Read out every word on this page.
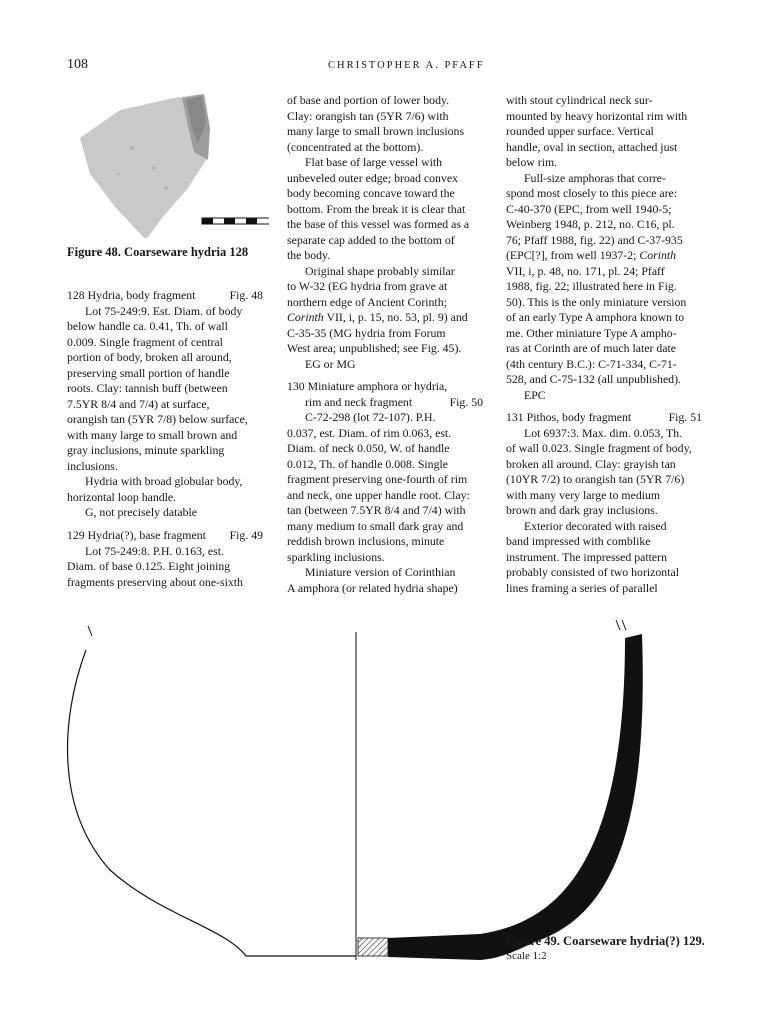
108	CHRISTOPHER A. PFAFF
Figure 48. Coarseware hydria 128
128 Hydria, body fragment	Fig. 48
Lot 75-249:9. Est. Diam. of body
below handle ca. 0.41, Th. of wall
0.009. Single fragment of central
portion of body, broken all around,
preserving small portion of handle
roots. Clay: tannish buff (between
7.5YR 8/4 and 7/4) at surface,
orangish tan (5YR 7/8) below surface,
with many large to small brown and
gray inclusions, minute sparkling
inclusions.
Hydria with broad globular body,
horizontal loop handle.
G, not precisely datable
129 Hydria(?), base fragment Fig. 49
Lot 75-249:8. P.H. 0.163, est.
Diam. of base 0.125. Eight joining
fragments preserving about one-sixth
of base and portion of lower body.
Clay: orangish tan (5YR 7/6) with
many large to small brown inclusions
(concentrated at the bottom).
Flat base of large vessel with
unbeveled outer edge; broad convex
body becoming concave toward the
bottom. From the break it is clear that
the base of this vessel was formed as a
separate cap added to the bottom of
the body.
Original shape probably similar
to W-32 (EG hydria from grave at
northern edge of Ancient Corinth;
Corinth VII, i, p. 15, no. 53, pl. 9) and
C-35-35 (MG hydria from Forum
West area; unpublished; see Fig. 45).
EG or MG
130 Miniature amphora or hydria,
rim and neck fragment	Fig. 50
C-72-298 (lot 72-107). P.H.
0.037, est. Diam. of rim 0.063, est.
Diam. of neck 0.050, W. of handle
0.012, Th. of handle 0.008. Single
fragment preserving one-fourth of rim
and neck, one upper handle root. Clay:
tan (between 7.5YR 8/4 and 7/4) with
many medium to small dark gray and
reddish brown inclusions, minute
sparkling inclusions.
Miniature version of Corinthian
A amphora (or related hydria shape)
with stout cylindrical neck sur-
mounted by heavy horizontal rim with
rounded upper surface. Vertical
handle, oval in section, attached just
below rim.
Full-size amphoras that corre-
spond most closely to this piece are:
C-40-370 (EPC, from well 1940-5;
Weinberg 1948, p. 212, no. C16, pl.
76; Pfaff 1988, fig. 22) and C-37-935
(EPC[?], from well 1937-2; Corinth
VII, i, p. 48, no. 171, pl. 24; Pfaff
1988, fig. 22; illustrated here in Fig.
50). This is the only miniature version
of an early Type A amphora known to
me. Other miniature Type A amphо-
ras at Corinth are of much later date
(4th century B.C.): C-71-334, C-71-
528, and C-75-132 (all unpublished).
EPC
131 Pithos, body fragment	Fig. 51
Lot 6937:3. Max. dim. 0.053, Th.
of wall 0.023. Single fragment of body,
broken all around. Clay: grayish tan
(10YR 7/2) to orangish tan (5YR 7/6)
with many very large to medium
brown and dark gray inclusions.
Exterior decorated with raised
band impressed with comblike
instrument. The impressed pattern
probably consisted of two horizontal
lines framing a series of parallel
Figure 49. Coarseware hydria(?) 129.
Scale 1:2
